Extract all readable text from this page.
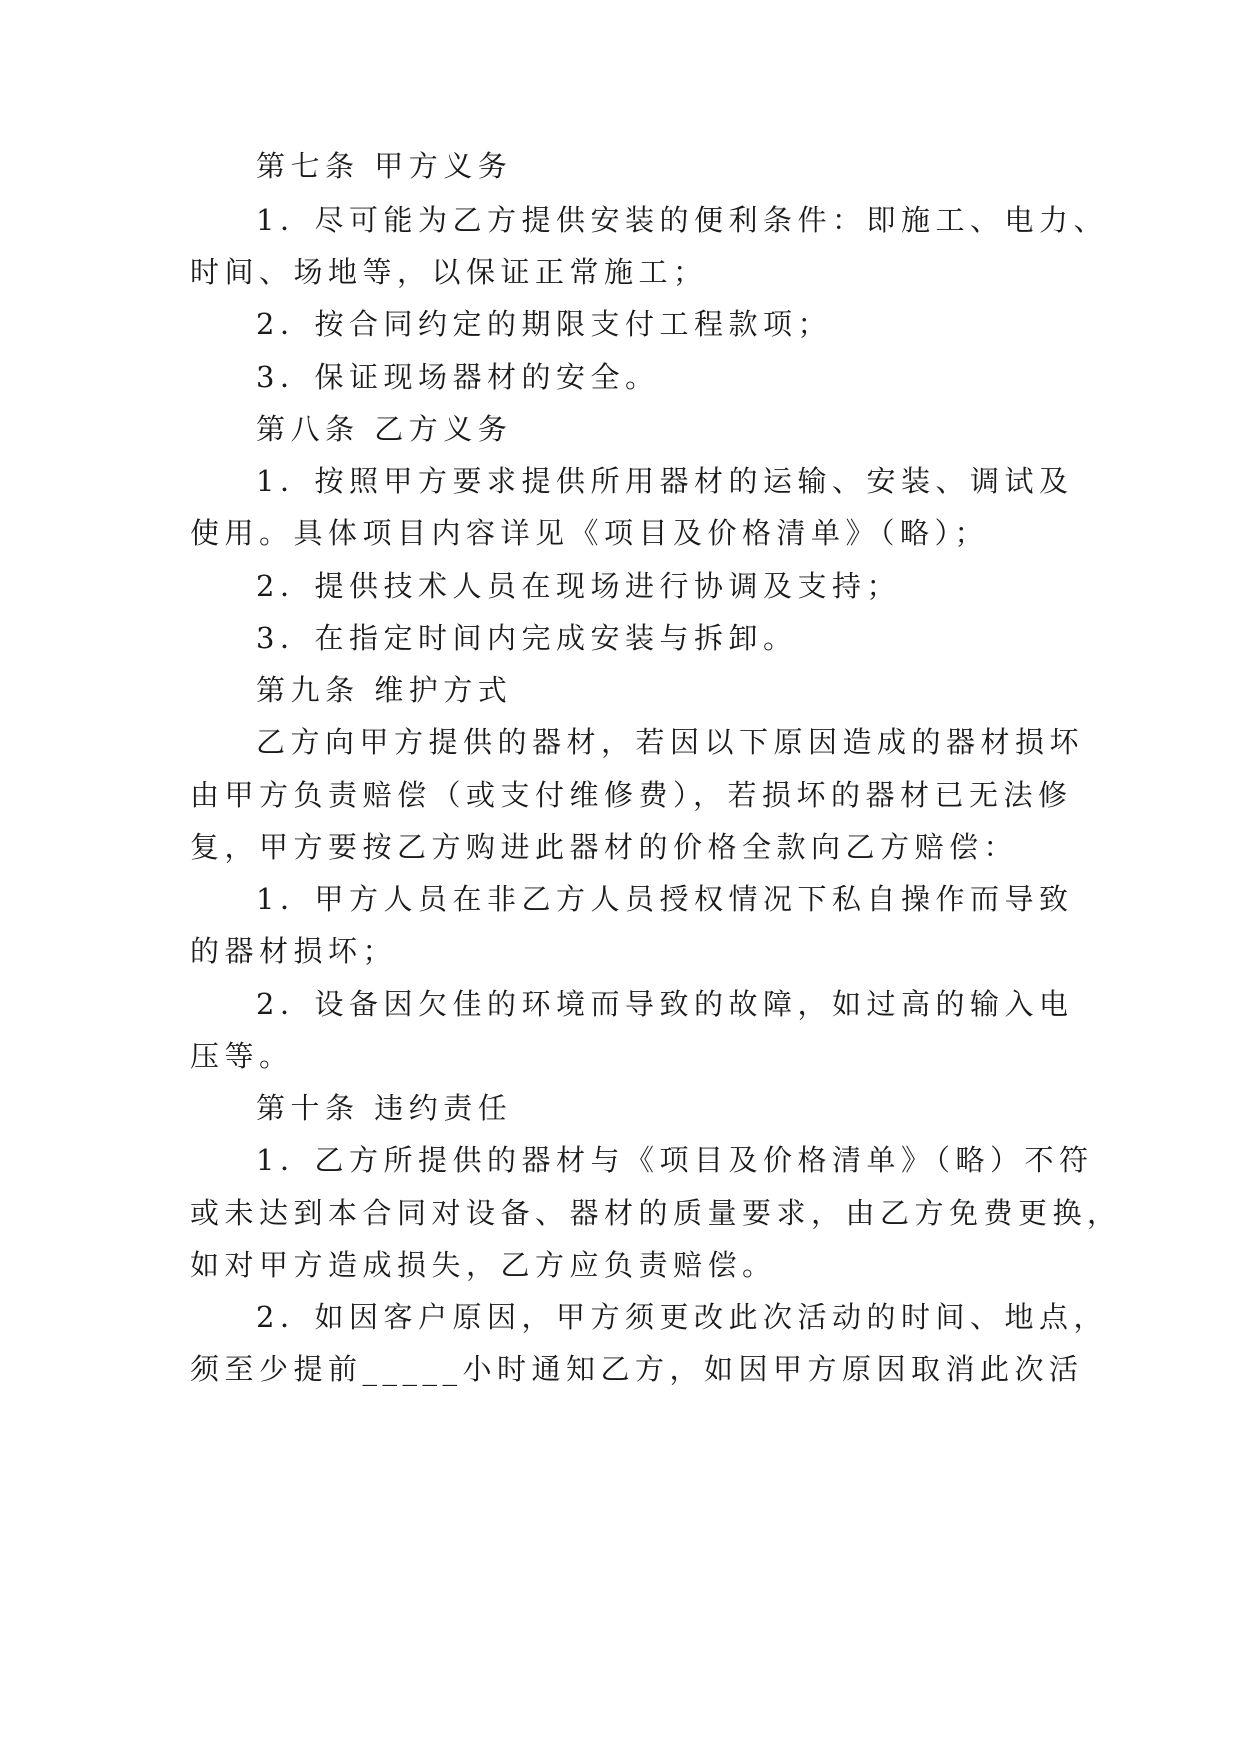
第七条 甲方义务
1．尽可能为乙方提供安装的便利条件：即施工、电力、
时间、场地等，以保证正常施工；
2．按合同约定的期限支付工程款项；
3．保证现场器材的安全。
第八条 乙方义务
1．按照甲方要求提供所用器材的运输、安装、调试及
使用。具体项目内容详见《项目及价格清单》（略）；
2．提供技术人员在现场进行协调及支持；
3．在指定时间内完成安装与拆卸。
第九条 维护方式
乙方向甲方提供的器材，若因以下原因造成的器材损坏
由甲方负责赔偿（或支付维修费），若损坏的器材已无法修
复，甲方要按乙方购进此器材的价格全款向乙方赔偿：
1．甲方人员在非乙方人员授权情况下私自操作而导致
的器材损坏；
2．设备因欠佳的环境而导致的故障，如过高的输入电
压等。
第十条 违约责任
1．乙方所提供的器材与《项目及价格清单》（略）不符
或未达到本合同对设备、器材的质量要求，由乙方免费更换，
如对甲方造成损失，乙方应负责赔偿。
2．如因客户原因，甲方须更改此次活动的时间、地点，
须至少提前_____小时通知乙方，如因甲方原因取消此次活
